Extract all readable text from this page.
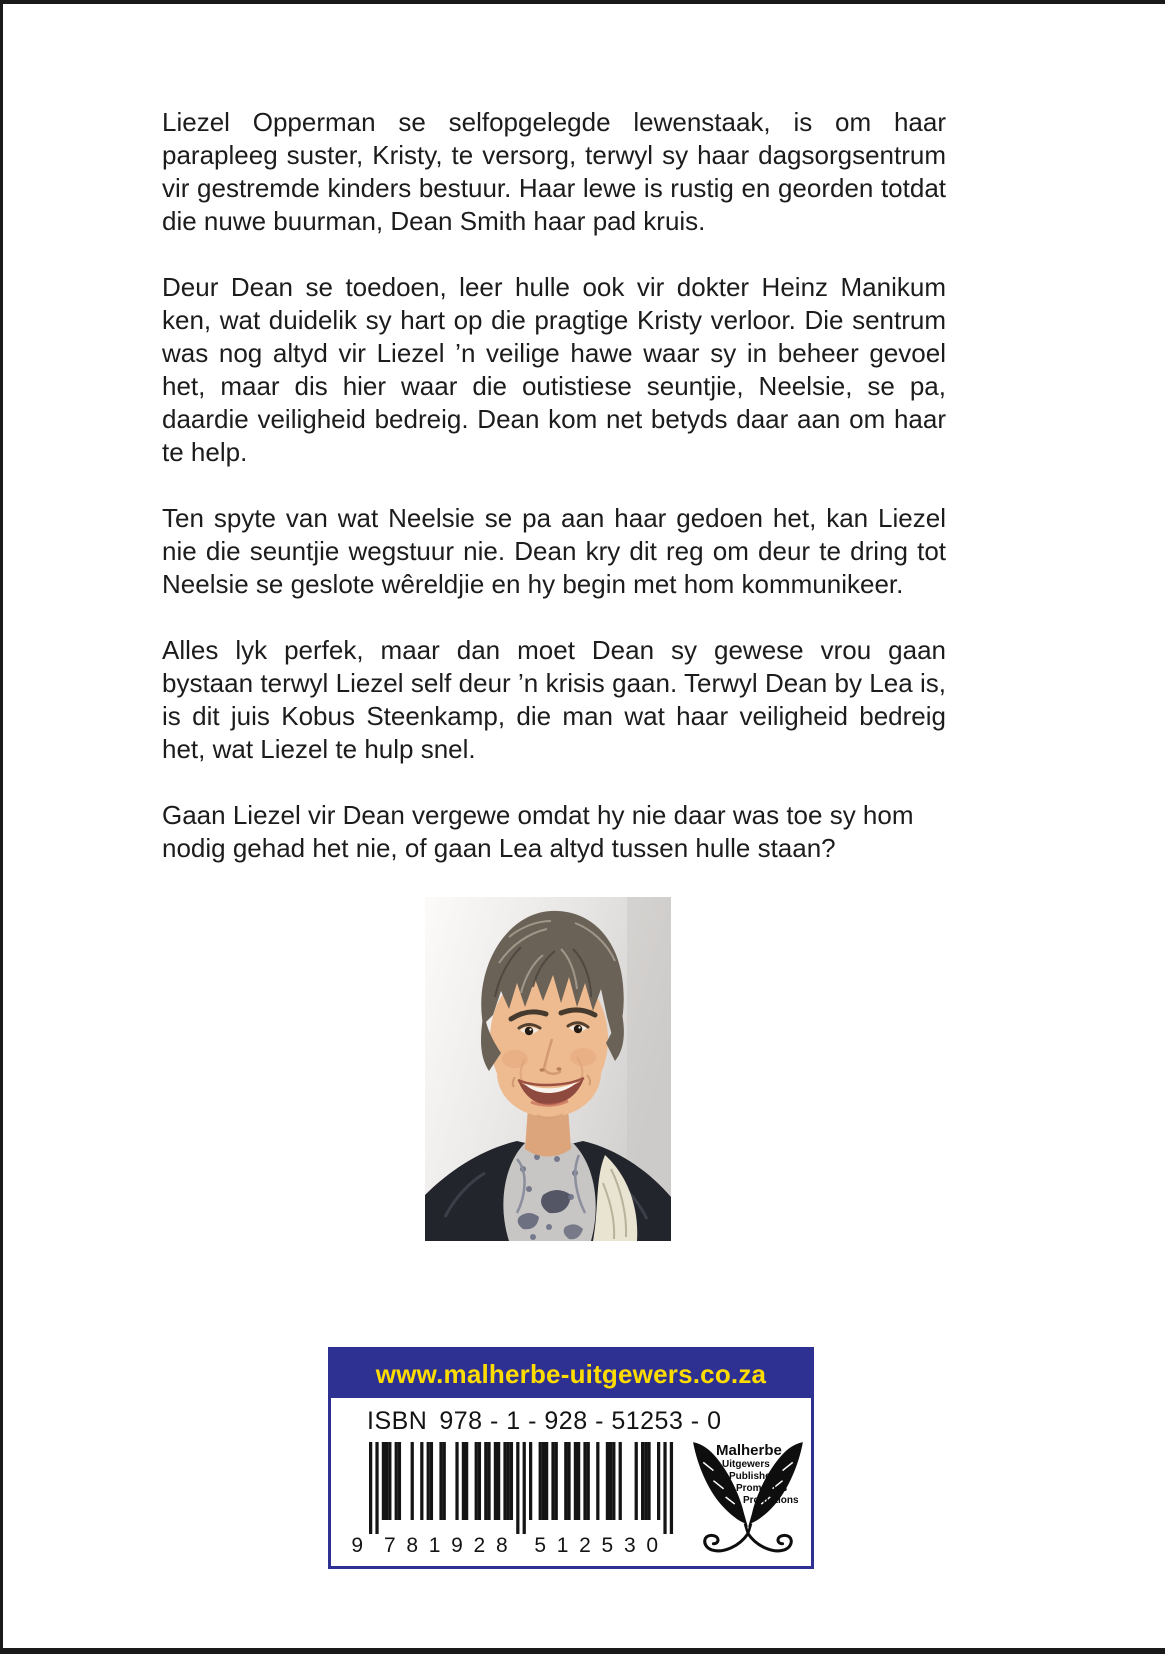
Liezel Opperman se selfopgelegde lewenstaak, is om haar parapleeg suster, Kristy, te versorg, terwyl sy haar dagsorgsentrum vir gestremde kinders bestuur. Haar lewe is rustig en georden totdat die nuwe buurman, Dean Smith haar pad kruis.

Deur Dean se toedoen, leer hulle ook vir dokter Heinz Manikum ken, wat duidelik sy hart op die pragtige Kristy verloor. Die sentrum was nog altyd vir Liezel ’n veilige hawe waar sy in beheer gevoel het, maar dis hier waar die outistiese seuntjie, Neelsie, se pa, daardie veiligheid bedreig. Dean kom net betyds daar aan om haar te help.

Ten spyte van wat Neelsie se pa aan haar gedoen het, kan Liezel nie die seuntjie wegstuur nie. Dean kry dit reg om deur te dring tot Neelsie se geslote wêreldjie en hy begin met hom kommunikeer.

Alles lyk perfek, maar dan moet Dean sy gewese vrou gaan bystaan terwyl Liezel self deur ’n krisis gaan. Terwyl Dean by Lea is, is dit juis Kobus Steenkamp, die man wat haar veiligheid bedreig het, wat Liezel te hulp snel.

Gaan Liezel vir Dean vergewe omdat hy nie daar was toe sy hom nodig gehad het nie, of gaan Lea altyd tussen hulle staan?

www.malherbe-uitgewers.co.za
ISBN 978 - 1 - 928 - 51253 - 0
9 7 8 1 9 2 8 5 1 2 5 3 0
Malherbe
Uitgewers
Publishers
Promosies
Promotions
